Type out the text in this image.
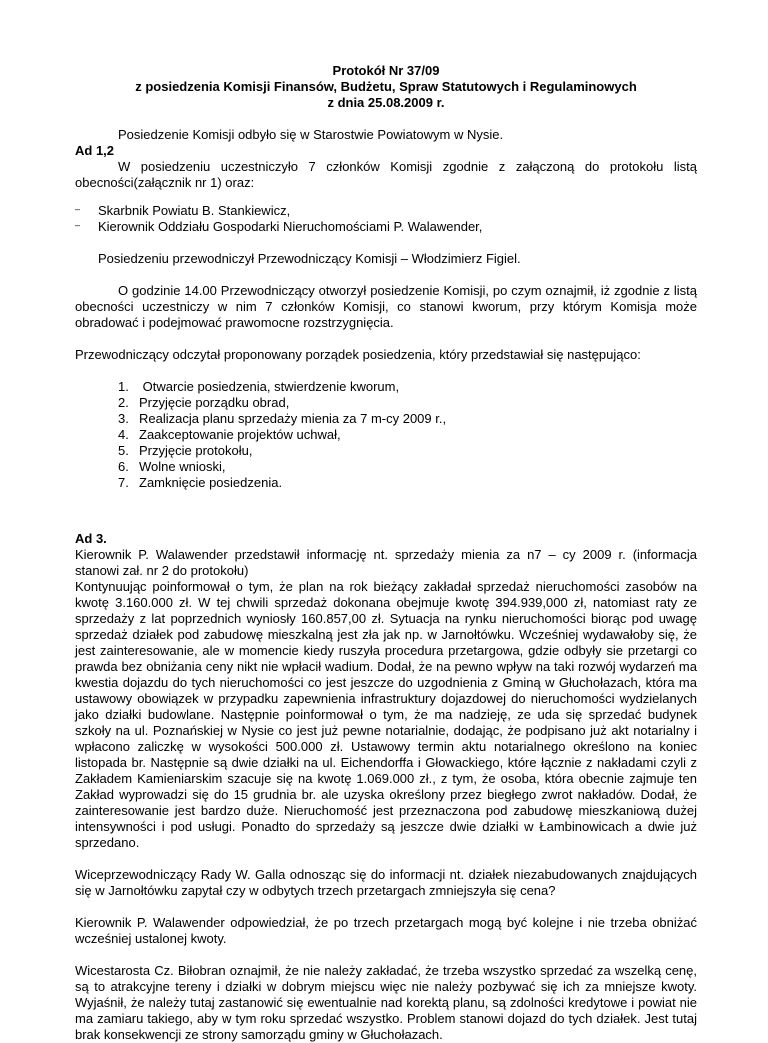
Protokół Nr 37/09
z posiedzenia Komisji Finansów, Budżetu, Spraw Statutowych i Regulaminowych
z dnia 25.08.2009 r.

Posiedzenie Komisji odbyło się w Starostwie Powiatowym w Nysie.

Ad 1,2

W posiedzeniu uczestniczyło 7 członków Komisji zgodnie z załączoną do protokołu listą obecności(załącznik nr 1) oraz:

–	Skarbnik Powiatu B. Stankiewicz,
–	Kierownik Oddziału Gospodarki Nieruchomościami P. Walawender,

Posiedzeniu przewodniczył Przewodniczący Komisji – Włodzimierz Figiel.

O godzinie 14.00 Przewodniczący otworzył posiedzenie Komisji, po czym oznajmił, iż zgodnie z listą obecności uczestniczy w nim 7 członków Komisji, co stanowi kworum, przy którym Komisja może obradować i podejmować prawomocne rozstrzygnięcia.

Przewodniczący odczytał proponowany porządek posiedzenia, który przedstawiał się następująco:

1. Otwarcie posiedzenia, stwierdzenie kworum,
2. Przyjęcie porządku obrad,
3. Realizacja planu sprzedaży mienia za 7 m-cy 2009 r.,
4. Zaakceptowanie projektów uchwał,
5. Przyjęcie protokołu,
6. Wolne wnioski,
7. Zamknięcie posiedzenia.

Ad 3.

Kierownik P. Walawender przedstawił informację nt. sprzedaży mienia za n7 – cy 2009 r. (informacja stanowi zał. nr 2 do protokołu)

Kontynuując poinformował o tym, że plan na rok bieżący zakładał sprzedaż nieruchomości zasobów na kwotę 3.160.000 zł. W tej chwili sprzedaż dokonana obejmuje kwotę 394.939,000 zł, natomiast raty ze sprzedaży z lat poprzednich wyniosły 160.857,00 zł. Sytuacja na rynku nieruchomości biorąc pod uwagę sprzedaż działek pod zabudowę mieszkalną jest zła jak np. w Jarnołtówku. Wcześniej wydawałoby się, że jest zainteresowanie, ale w momencie kiedy ruszyła procedura przetargowa, gdzie odbyły sie przetargi co prawda bez obniżania ceny nikt nie wpłacił wadium. Dodał, że na pewno wpływ na taki rozwój wydarzeń ma kwestia dojazdu do tych nieruchomości co jest jeszcze do uzgodnienia z Gminą w Głuchołazach, która ma ustawowy obowiązek w przypadku zapewnienia infrastruktury dojazdowej do nieruchomości wydzielanych jako działki budowlane. Następnie poinformował o tym, że ma nadzieję, ze uda się sprzedać budynek szkoły na ul. Poznańskiej w Nysie co jest już pewne notarialnie, dodając, że podpisano już akt notarialny i wpłacono zaliczkę w wysokości 500.000 zł. Ustawowy termin aktu notarialnego określono na koniec listopada br. Następnie są dwie działki na ul. Eichendorffa i Głowackiego, które łącznie z nakładami czyli z Zakładem Kamieniarskim szacuje się na kwotę 1.069.000 zł., z tym, że osoba, która obecnie zajmuje ten Zakład wyprowadzi się do 15 grudnia br. ale uzyska określony przez biegłego zwrot nakładów. Dodał, że zainteresowanie jest bardzo duże. Nieruchomość jest przeznaczona pod zabudowę mieszkaniową dużej intensywności i pod usługi. Ponadto do sprzedaży są jeszcze dwie działki w Łambinowicach a dwie już sprzedano.

Wiceprzewodniczący Rady W. Galla odnosząc się do informacji nt. działek niezabudowanych znajdujących się w Jarnołtówku zapytał czy w odbytych trzech przetargach zmniejszyła się cena?

Kierownik P. Walawender odpowiedział, że po trzech przetargach mogą być kolejne i nie trzeba obniżać wcześniej ustalonej kwoty.

Wicestarosta Cz. Biłobran oznajmił, że nie należy zakładać, że trzeba wszystko sprzedać za wszelką cenę, są to atrakcyjne tereny i działki w dobrym miejscu więc nie należy pozbywać się ich za mniejsze kwoty. Wyjaśnił, że należy tutaj zastanowić się ewentualnie nad korektą planu, są zdolności kredytowe i powiat nie ma zamiaru takiego, aby w tym roku sprzedać wszystko. Problem stanowi dojazd do tych działek. Jest tutaj brak konsekwencji ze strony samorządu gminy w Głuchołazach.
